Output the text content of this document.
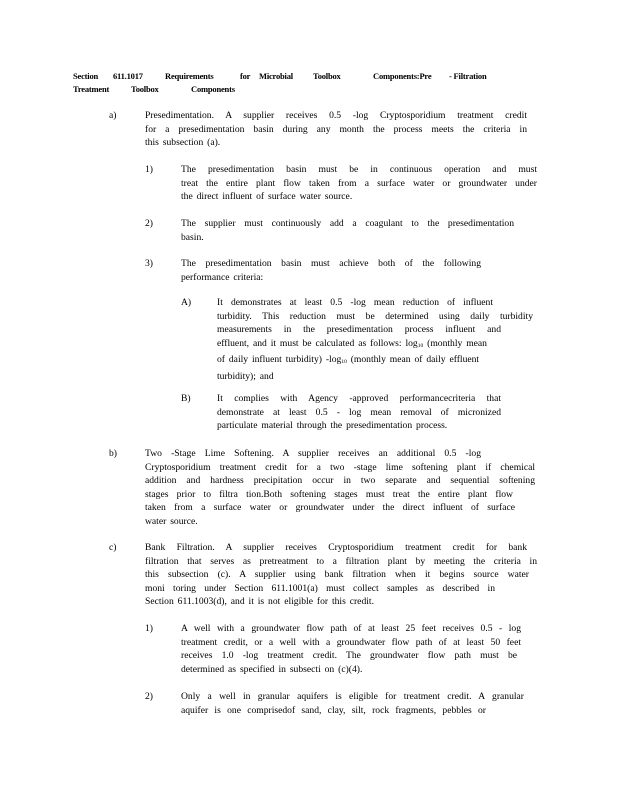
Section 611.1017	Requirements	for Microbial Toolbox	Components:Pre - Filtration
Treatment	Toolbox	Components
a)	Presedimentation. A supplier receives 0.5 -log Cryptosporidium treatment credit
for a presedimentation basin during any month the process meets the criteria in
this subsection (a).
1)	The presedimentation basin must be in continuous operation and must
treat the entire plant flow taken from a surface water or groundwater under
the direct influent of surface water source.
2)	The supplier must continuously add a coagulant to the presedimentation
basin.
3)	The presedimentation basin must achieve both of the following
performance criteria:
A)	It demonstrates at least 0.5 -log mean reduction of influent
turbidity. This reduction must be determined using daily turbidity
measurements in the presedimentation process influent and
effluent, and it must be calculated as follows: $\log_{10}$ (monthly mean
of daily influent turbidity) $-\log_{10}$ (monthly mean of daily effluent
turbidity); and
B)	It complies with Agency -approved performancecriteria that
demonstrate at least 0.5 - log mean removal of micronized
particulate material through the presedimentation process.
b)	Two -Stage Lime Softening. A supplier receives an additional 0.5 -log
Cryptosporidium treatment credit for a two -stage lime softening plant if chemical
addition and hardness precipitation occur in two separate and sequential softening
stages prior to filtra tion.Both softening stages must treat the entire plant flow
taken from a surface water or groundwater under the direct influent of surface
water source.
c)	Bank Filtration. A supplier receives Cryptosporidium treatment credit for bank
filtration that serves as pretreatment to a filtration plant by meeting the criteria in
this subsection (c). A supplier using bank filtration when it begins source water
moni toring under Section 611.1001(a) must collect samples as described in
Section 611.1003(d), and it is not eligible for this credit.
1)	A well with a groundwater flow path of at least 25 feet receives 0.5 - log
treatment credit, or a well with a groundwater flow path of at least 50 feet
receives 1.0 -log treatment credit. The groundwater flow path must be
determined as specified in subsecti on (c)(4).
2)	Only a well in granular aquifers is eligible for treatment credit. A granular
aquifer is one comprisedof sand, clay, silt, rock fragments, pebbles or
